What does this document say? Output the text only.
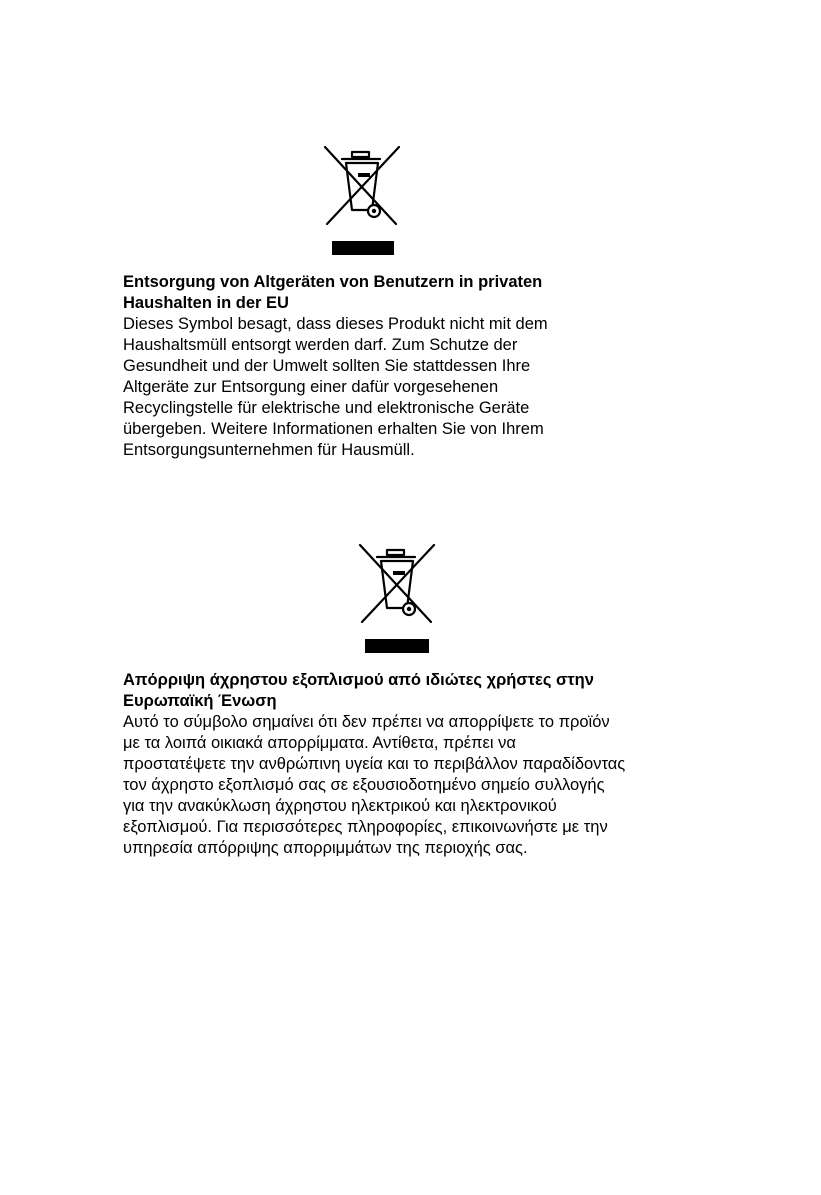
Entsorgung von Altgeräten von Benutzern in privaten
Haushalten in der EU

Dieses Symbol besagt, dass dieses Produkt nicht mit dem
Haushaltsmüll entsorgt werden darf. Zum Schutze der
Gesundheit und der Umwelt sollten Sie stattdessen Ihre
Altgeräte zur Entsorgung einer dafür vorgesehenen
Recyclingstelle für elektrische und elektronische Geräte
übergeben. Weitere Informationen erhalten Sie von Ihrem
Entsorgungsunternehmen für Hausmüll.

Απόρριψη άχρηστου εξοπλισμού από ιδιώτες χρήστες στην
Ευρωπαϊκή Ένωση

Αυτό το σύμβολο σημαίνει ότι δεν πρέπει να απορρίψετε το προϊόν
με τα λοιπά οικιακά απορρίμματα. Αντίθετα, πρέπει να
προστατέψετε την ανθρώπινη υγεία και το περιβάλλον παραδίδοντας
τον άχρηστο εξοπλισμό σας σε εξουσιοδοτημένο σημείο συλλογής
για την ανακύκλωση άχρηστου ηλεκτρικού και ηλεκτρονικού
εξοπλισμού. Για περισσότερες πληροφορίες, επικοινωνήστε με την
υπηρεσία απόρριψης απορριμμάτων της περιοχής σας.
